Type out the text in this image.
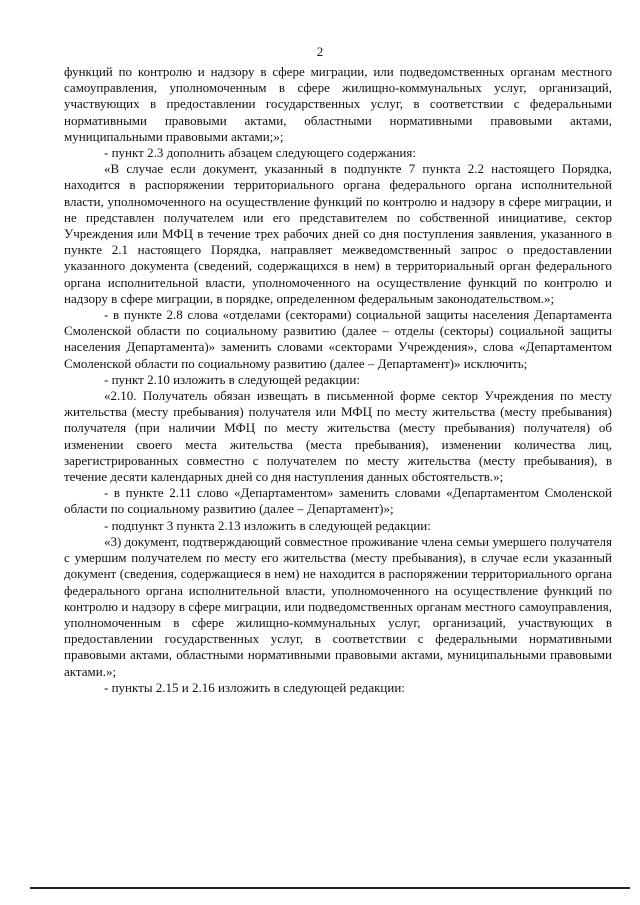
2

функций по контролю и надзору в сфере миграции, или подведомственных органам местного самоуправления, уполномоченным в сфере жилищно-коммунальных услуг, организаций, участвующих в предоставлении государственных услуг, в соответствии с федеральными нормативными правовыми актами, областными нормативными правовыми актами, муниципальными правовыми актами;»;

- пункт 2.3 дополнить абзацем следующего содержания:

«В случае если документ, указанный в подпункте 7 пункта 2.2 настоящего Порядка, находится в распоряжении территориального органа федерального органа исполнительной власти, уполномоченного на осуществление функций по контролю и надзору в сфере миграции, и не представлен получателем или его представителем по собственной инициативе, сектор Учреждения или МФЦ в течение трех рабочих дней со дня поступления заявления, указанного в пункте 2.1 настоящего Порядка, направляет межведомственный запрос о предоставлении указанного документа (сведений, содержащихся в нем) в территориальный орган федерального органа исполнительной власти, уполномоченного на осуществление функций по контролю и надзору в сфере миграции, в порядке, определенном федеральным законодательством.»;

- в пункте 2.8 слова «отделами (секторами) социальной защиты населения Департамента Смоленской области по социальному развитию (далее – отделы (секторы) социальной защиты населения Департамента)» заменить словами «секторами Учреждения», слова «Департаментом Смоленской области по социальному развитию (далее – Департамент)» исключить;

- пункт 2.10 изложить в следующей редакции:

«2.10. Получатель обязан извещать в письменной форме сектор Учреждения по месту жительства (месту пребывания) получателя или МФЦ по месту жительства (месту пребывания) получателя (при наличии МФЦ по месту жительства (месту пребывания) получателя) об изменении своего места жительства (места пребывания), изменении количества лиц, зарегистрированных совместно с получателем по месту жительства (месту пребывания), в течение десяти календарных дней со дня наступления данных обстоятельств.»;

- в пункте 2.11 слово «Департаментом» заменить словами «Департаментом Смоленской области по социальному развитию (далее – Департамент)»;

- подпункт 3 пункта 2.13 изложить в следующей редакции:

«3) документ, подтверждающий совместное проживание члена семьи умершего получателя с умершим получателем по месту его жительства (месту пребывания), в случае если указанный документ (сведения, содержащиеся в нем) не находится в распоряжении территориального органа федерального органа исполнительной власти, уполномоченного на осуществление функций по контролю и надзору в сфере миграции, или подведомственных органам местного самоуправления, уполномоченным в сфере жилищно-коммунальных услуг, организаций, участвующих в предоставлении государственных услуг, в соответствии с федеральными нормативными правовыми актами, областными нормативными правовыми актами, муниципальными правовыми актами.»;

- пункты 2.15 и 2.16 изложить в следующей редакции:
